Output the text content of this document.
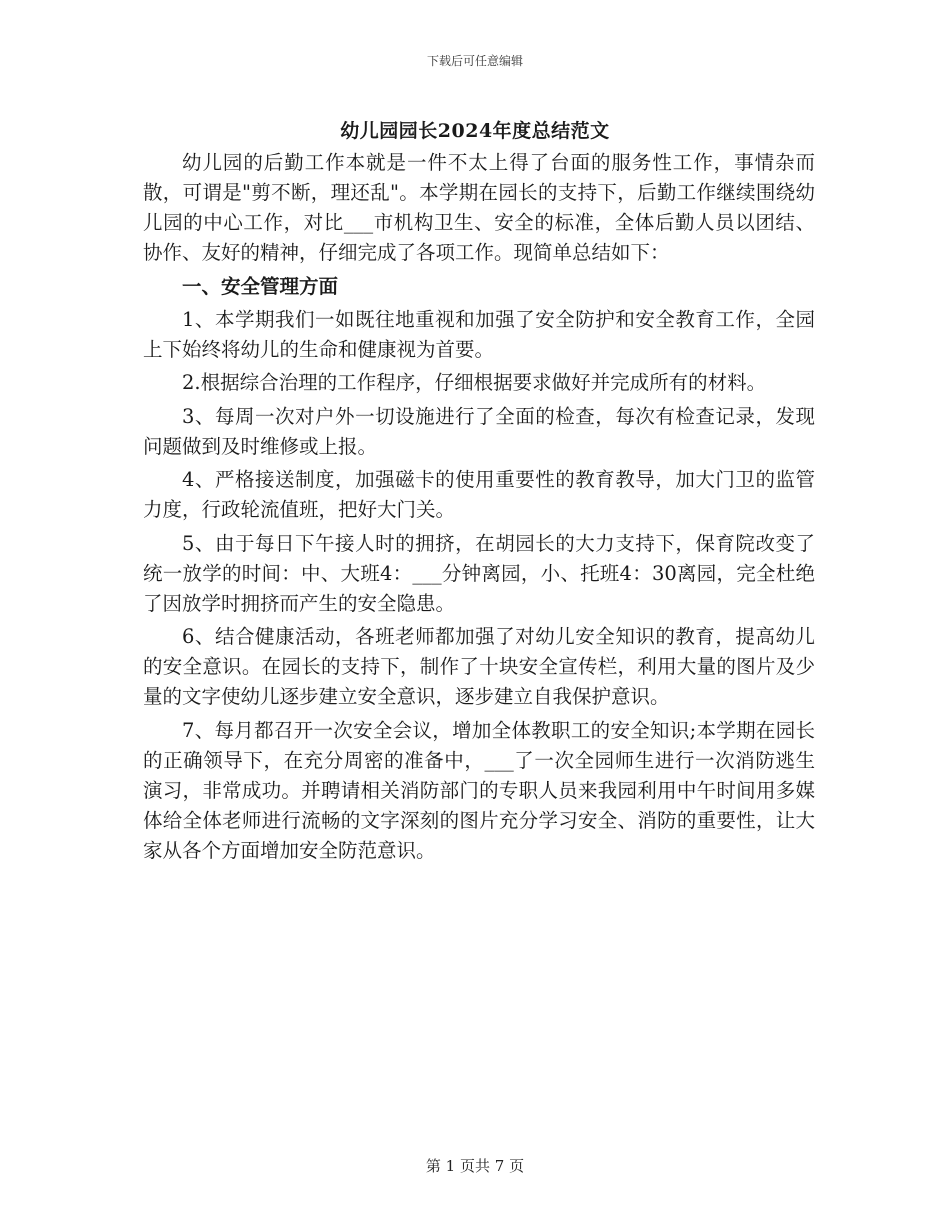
下载后可任意编辑
幼儿园园长2024年度总结范文

幼儿园的后勤工作本就是一件不太上得了台面的服务性工作，事情杂而散，可谓是"剪不断，理还乱"。本学期在园长的支持下，后勤工作继续围绕幼儿园的中心工作，对比___市机构卫生、安全的标准，全体后勤人员以团结、协作、友好的精神，仔细完成了各项工作。现简单总结如下：

一、安全管理方面

1、本学期我们一如既往地重视和加强了安全防护和安全教育工作，全园上下始终将幼儿的生命和健康视为首要。

2.根据综合治理的工作程序，仔细根据要求做好并完成所有的材料。

3、每周一次对户外一切设施进行了全面的检查，每次有检查记录，发现问题做到及时维修或上报。

4、严格接送制度，加强磁卡的使用重要性的教育教导，加大门卫的监管力度，行政轮流值班，把好大门关。

5、由于每日下午接人时的拥挤，在胡园长的大力支持下，保育院改变了统一放学的时间：中、大班4：___分钟离园，小、托班4：30离园，完全杜绝了因放学时拥挤而产生的安全隐患。

6、结合健康活动，各班老师都加强了对幼儿安全知识的教育，提高幼儿的安全意识。在园长的支持下，制作了十块安全宣传栏，利用大量的图片及少量的文字使幼儿逐步建立安全意识，逐步建立自我保护意识。

7、每月都召开一次安全会议，增加全体教职工的安全知识;本学期在园长的正确领导下，在充分周密的准备中，___了一次全园师生进行一次消防逃生演习，非常成功。并聘请相关消防部门的专职人员来我园利用中午时间用多媒体给全体老师进行流畅的文字深刻的图片充分学习安全、消防的重要性，让大家从各个方面增加安全防范意识。

第 1 页共 7 页
